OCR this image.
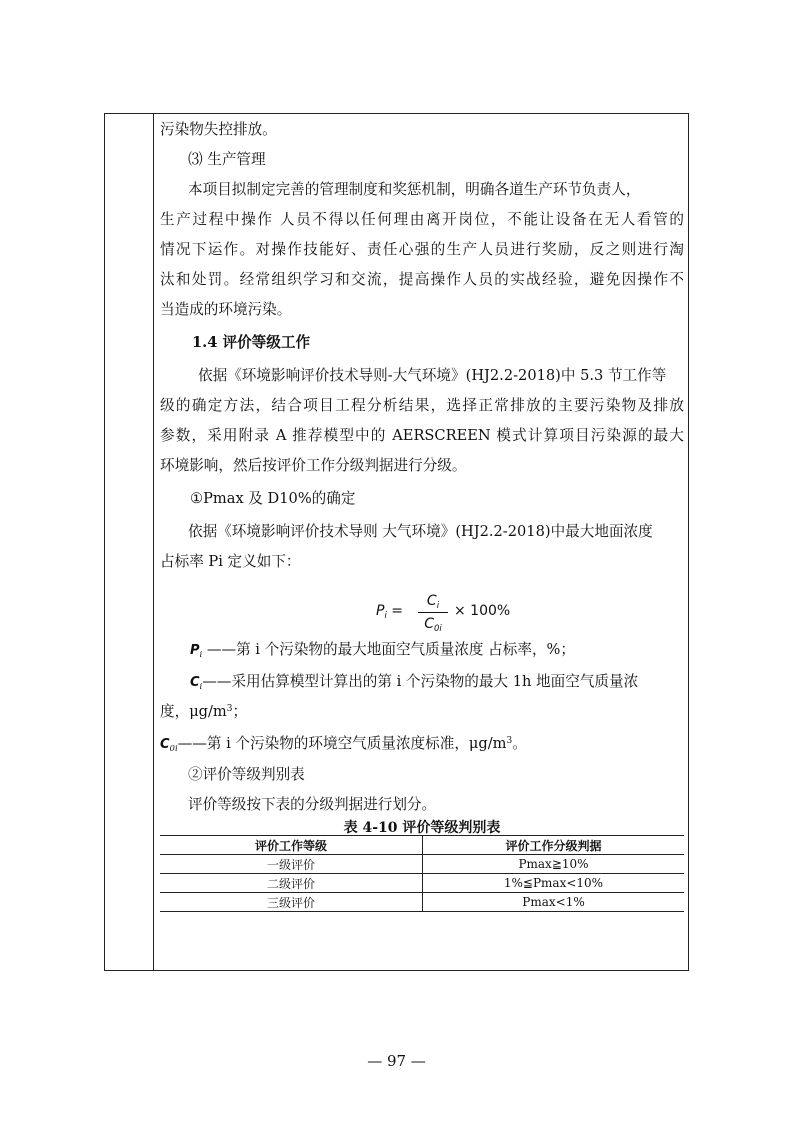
污染物失控排放。
⑶ 生产管理
本项目拟制定完善的管理制度和奖惩机制，明确各道生产环节负责人，
生产过程中操作 人员不得以任何理由离开岗位，不能让设备在无人看管的
情况下运作。对操作技能好、责任心强的生产人员进行奖励，反之则进行淘
汰和处罚。经常组织学习和交流，提高操作人员的实战经验，避免因操作不
当造成的环境污染。
1.4 评价等级工作
依据《环境影响评价技术导则-大气环境》(HJ2.2-2018)中 5.3 节工作等
级的确定方法，结合项目工程分析结果，选择正常排放的主要污染物及排放
参数，采用附录 A 推荐模型中的 AERSCREEN 模式计算项目污染源的最大
环境影响，然后按评价工作分级判据进行分级。
①Pmax 及 D10%的确定
依据《环境影响评价技术导则 大气环境》(HJ2.2-2018)中最大地面浓度
占标率 Pi 定义如下：
$P_i$ =
$C_i$
$C_{0i}$
× 100%
$P_i$ ——第 i 个污染物的最大地面空气质量浓度 占标率，%；
$C_i——$采用估算模型计算出的第 i 个污染物的最大 1h 地面空气质量浓
度，$\mu g/m^3$；
$C_{0i}——$第 i 个污染物的环境空气质量浓度标准，$\mu g/m^3$。
②评价等级判别表
评价等级按下表的分级判据进行划分。
表 4-10 评价等级判别表
评价工作等级	评价工作分级判据
一级评价	Pmax≧10%
二级评价	1%≦Pmax<10%
三级评价	Pmax<1%
— 97 —
